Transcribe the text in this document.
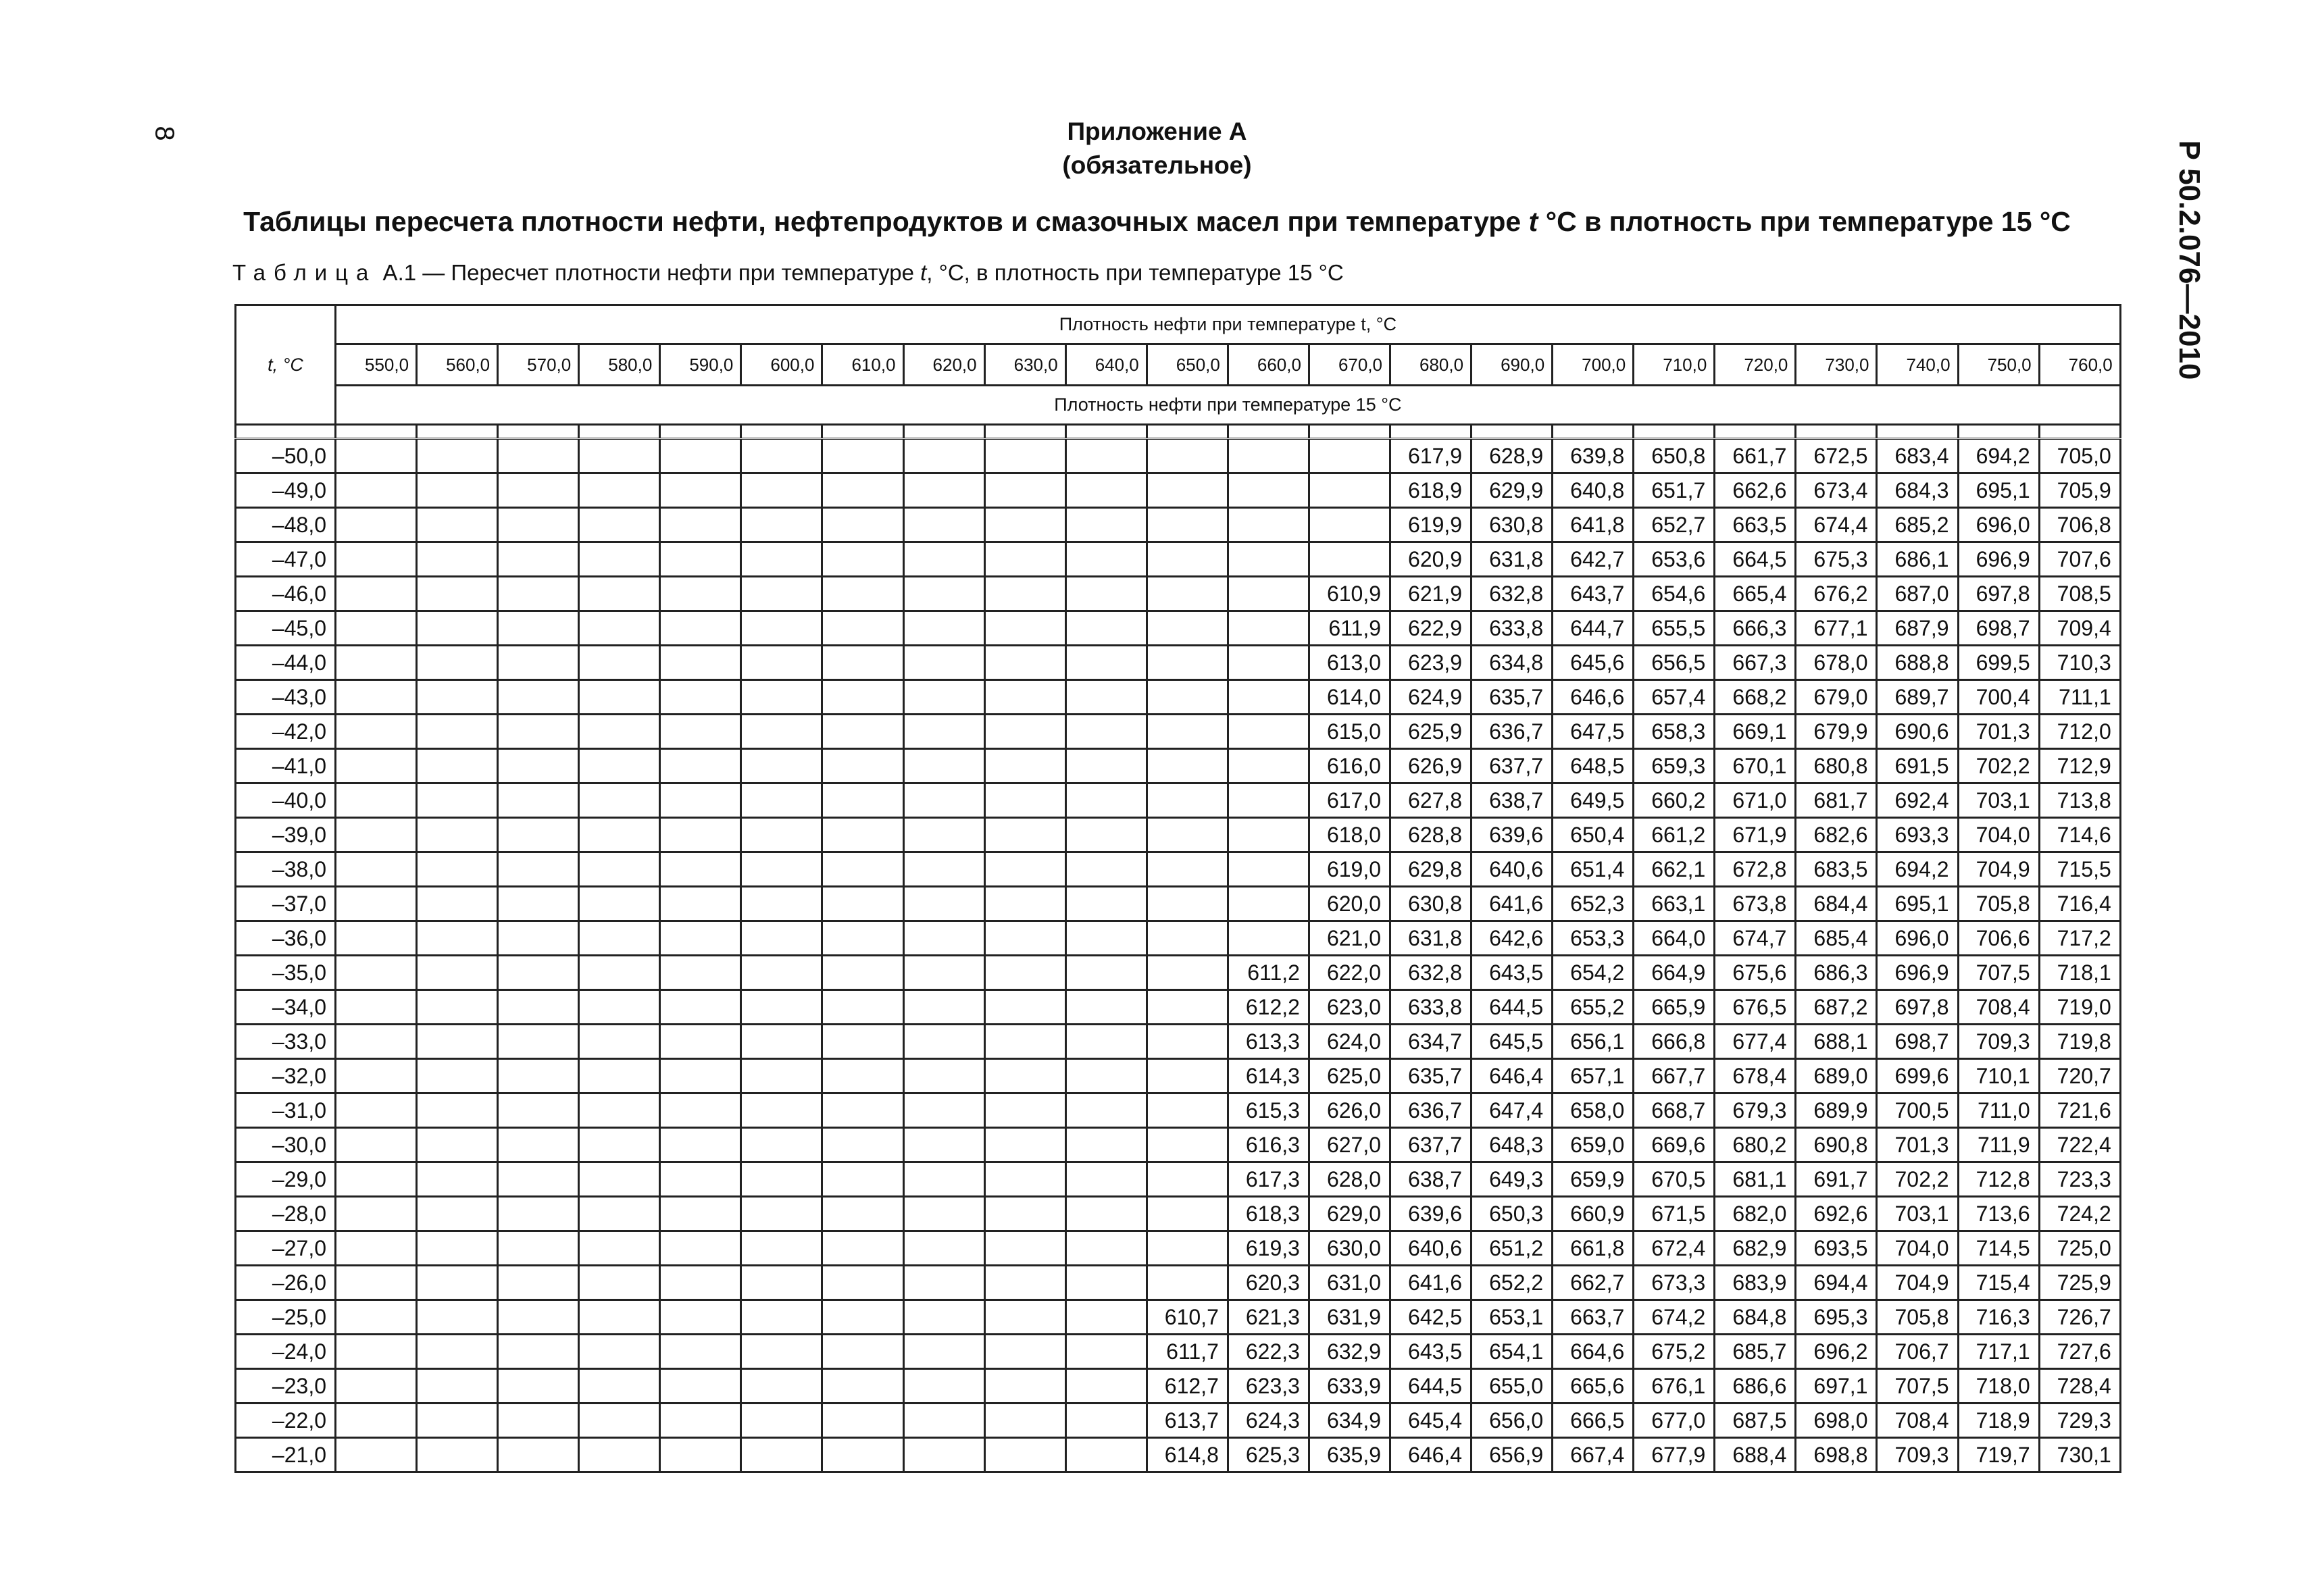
8
Р 50.2.076—2010
Приложение А
(обязательное)
Таблицы пересчета плотности нефти, нефтепродуктов и смазочных масел при температуре t °С в плотность при температуре 15 °С
Таблица А.1 — Пересчет плотности нефти при температуре t, °С, в плотность при температуре 15 °С
t, °С	Плотность нефти при температуре t, °С																					
	550,0	560,0	570,0	580,0	590,0	600,0	610,0	620,0	630,0	640,0	650,0	660,0	670,0	680,0	690,0	700,0	710,0	720,0	730,0	740,0	750,0	760,0
	Плотность нефти при температуре 15 °С																					

–50,0														617,9	628,9	639,8	650,8	661,7	672,5	683,4	694,2	705,0
–49,0														618,9	629,9	640,8	651,7	662,6	673,4	684,3	695,1	705,9
–48,0														619,9	630,8	641,8	652,7	663,5	674,4	685,2	696,0	706,8
–47,0														620,9	631,8	642,7	653,6	664,5	675,3	686,1	696,9	707,6
–46,0													610,9	621,9	632,8	643,7	654,6	665,4	676,2	687,0	697,8	708,5
–45,0													611,9	622,9	633,8	644,7	655,5	666,3	677,1	687,9	698,7	709,4
–44,0													613,0	623,9	634,8	645,6	656,5	667,3	678,0	688,8	699,5	710,3
–43,0													614,0	624,9	635,7	646,6	657,4	668,2	679,0	689,7	700,4	711,1
–42,0													615,0	625,9	636,7	647,5	658,3	669,1	679,9	690,6	701,3	712,0
–41,0													616,0	626,9	637,7	648,5	659,3	670,1	680,8	691,5	702,2	712,9
–40,0													617,0	627,8	638,7	649,5	660,2	671,0	681,7	692,4	703,1	713,8
–39,0													618,0	628,8	639,6	650,4	661,2	671,9	682,6	693,3	704,0	714,6
–38,0													619,0	629,8	640,6	651,4	662,1	672,8	683,5	694,2	704,9	715,5
–37,0													620,0	630,8	641,6	652,3	663,1	673,8	684,4	695,1	705,8	716,4
–36,0													621,0	631,8	642,6	653,3	664,0	674,7	685,4	696,0	706,6	717,2
–35,0												611,2	622,0	632,8	643,5	654,2	664,9	675,6	686,3	696,9	707,5	718,1
–34,0												612,2	623,0	633,8	644,5	655,2	665,9	676,5	687,2	697,8	708,4	719,0
–33,0												613,3	624,0	634,7	645,5	656,1	666,8	677,4	688,1	698,7	709,3	719,8
–32,0												614,3	625,0	635,7	646,4	657,1	667,7	678,4	689,0	699,6	710,1	720,7
–31,0												615,3	626,0	636,7	647,4	658,0	668,7	679,3	689,9	700,5	711,0	721,6
–30,0												616,3	627,0	637,7	648,3	659,0	669,6	680,2	690,8	701,3	711,9	722,4
–29,0												617,3	628,0	638,7	649,3	659,9	670,5	681,1	691,7	702,2	712,8	723,3
–28,0												618,3	629,0	639,6	650,3	660,9	671,5	682,0	692,6	703,1	713,6	724,2
–27,0												619,3	630,0	640,6	651,2	661,8	672,4	682,9	693,5	704,0	714,5	725,0
–26,0												620,3	631,0	641,6	652,2	662,7	673,3	683,9	694,4	704,9	715,4	725,9
–25,0											610,7	621,3	631,9	642,5	653,1	663,7	674,2	684,8	695,3	705,8	716,3	726,7
–24,0											611,7	622,3	632,9	643,5	654,1	664,6	675,2	685,7	696,2	706,7	717,1	727,6
–23,0											612,7	623,3	633,9	644,5	655,0	665,6	676,1	686,6	697,1	707,5	718,0	728,4
–22,0											613,7	624,3	634,9	645,4	656,0	666,5	677,0	687,5	698,0	708,4	718,9	729,3
–21,0											614,8	625,3	635,9	646,4	656,9	667,4	677,9	688,4	698,8	709,3	719,7	730,1
